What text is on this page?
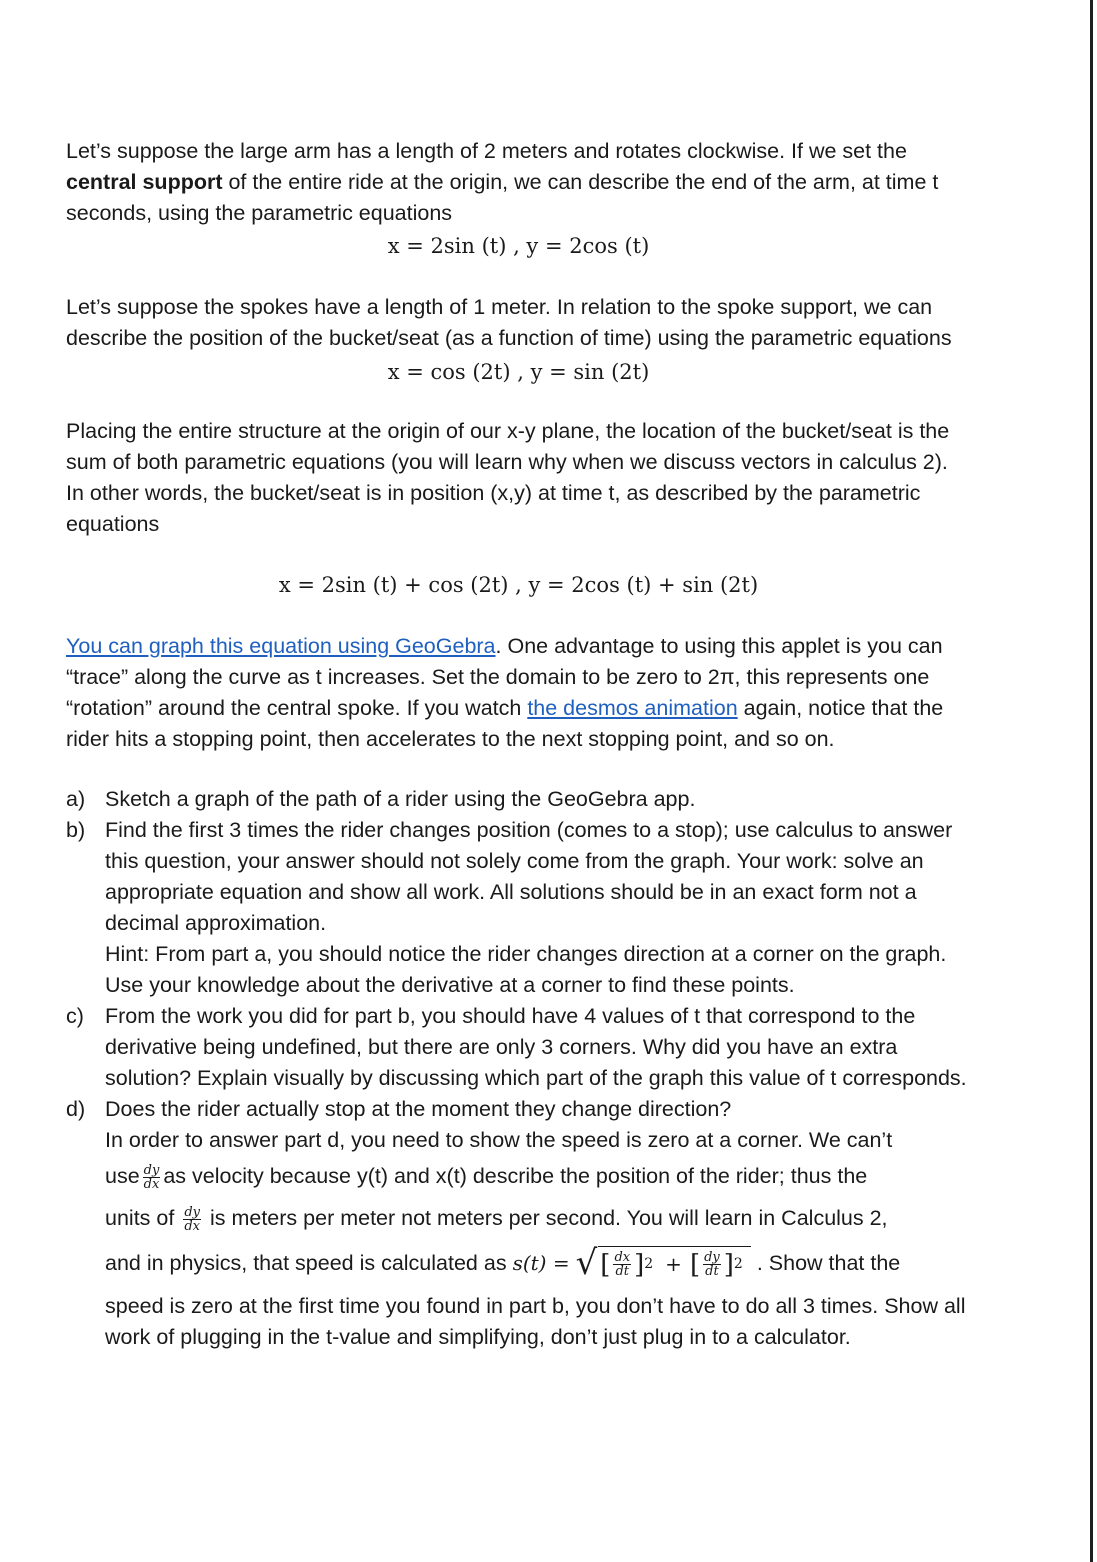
Let’s suppose the large arm has a length of 2 meters and rotates clockwise. If we set the central support of the entire ride at the origin, we can describe the end of the arm, at time t seconds, using the parametric equations

x = 2sin (t) , y = 2cos (t)

Let’s suppose the spokes have a length of 1 meter. In relation to the spoke support, we can describe the position of the bucket/seat (as a function of time) using the parametric equations

x = cos (2t) , y = sin (2t)

Placing the entire structure at the origin of our x-y plane, the location of the bucket/seat is the sum of both parametric equations (you will learn why when we discuss vectors in calculus 2). In other words, the bucket/seat is in position (x,y) at time t, as described by the parametric equations

x = 2sin (t) + cos (2t) , y = 2cos (t) + sin (2t)

You can graph this equation using GeoGebra. One advantage to using this applet is you can “trace” along the curve as t increases. Set the domain to be zero to 2π, this represents one “rotation” around the central spoke. If you watch the desmos animation again, notice that the rider hits a stopping point, then accelerates to the next stopping point, and so on.

a) Sketch a graph of the path of a rider using the GeoGebra app.
b) Find the first 3 times the rider changes position (comes to a stop); use calculus to answer this question, your answer should not solely come from the graph. Your work: solve an appropriate equation and show all work. All solutions should be in an exact form not a decimal approximation.
Hint: From part a, you should notice the rider changes direction at a corner on the graph. Use your knowledge about the derivative at a corner to find these points.
c) From the work you did for part b, you should have 4 values of t that correspond to the derivative being undefined, but there are only 3 corners. Why did you have an extra solution? Explain visually by discussing which part of the graph this value of t corresponds.
d) Does the rider actually stop at the moment they change direction?
In order to answer part d, you need to show the speed is zero at a corner. We can’t
use $\frac{dy}{dx}$ as velocity because y(t) and x(t) describe the position of the rider; thus the
units of $\frac{dy}{dx}$ is meters per meter not meters per second. You will learn in Calculus 2,
and in physics, that speed is calculated as s(t) = √ [ $\frac{dx}{dt}$ ] 2 + [ $\frac{dy}{dt}$ ] 2 . Show that the
speed is zero at the first time you found in part b, you don’t have to do all 3 times. Show all work of plugging in the t-value and simplifying, don’t just plug in to a calculator.
